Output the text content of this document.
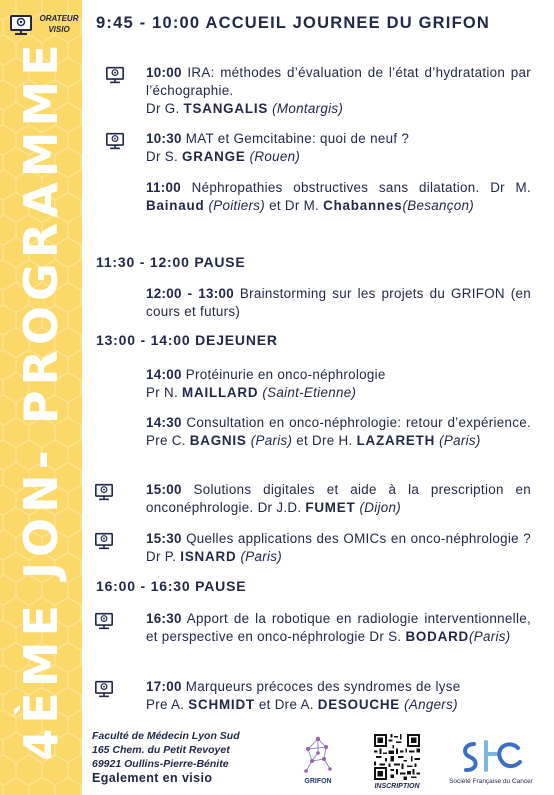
4ÈME JON- PROGRAMME
ORATEUR
VISIO	9:45 - 10:00 ACCUEIL JOURNEE DU GRIFON
10:00 IRA: méthodes d’évaluation de l’état d’hydratation par l’échographie.
Dr G. TSANGALIS (Montargis)
10:30 MAT et Gemcitabine: quoi de neuf ?
Dr S. GRANGE (Rouen)
11:00 Néphropathies obstructives sans dilatation. Dr M. Bainaud (Poitiers) et Dr M. Chabannes(Besançon)
11:30 - 12:00 PAUSE
12:00 - 13:00 Brainstorming sur les projets du GRIFON (en cours et futurs)
13:00 - 14:00 DEJEUNER
14:00 Protéinurie en onco-néphrologie
Pr N. MAILLARD (Saint-Etienne)
14:30 Consultation en onco-néphrologie: retour d’expérience. Pre C. BAGNIS (Paris) et Dre H. LAZARETH (Paris)
15:00 Solutions digitales et aide à la prescription en onconéphrologie. Dr J.D. FUMET (Dijon)
15:30 Quelles applications des OMICs en onco-néphrologie ? Dr P. ISNARD (Paris)
16:00 - 16:30 PAUSE
16:30 Apport de la robotique en radiologie interventionnelle, et perspective en onco-néphrologie Dr S. BODARD(Paris)
17:00 Marqueurs précoces des syndromes de lyse
Pre A. SCHMIDT et Dre A. DESOUCHE (Angers)
Faculté de Médecin Lyon Sud
165 Chem. du Petit Revoyet
69921 Oullins-Pierre-Bénite
Egalement en visio	GRIFON
INSCRIPTION
Société Française du Cancer
